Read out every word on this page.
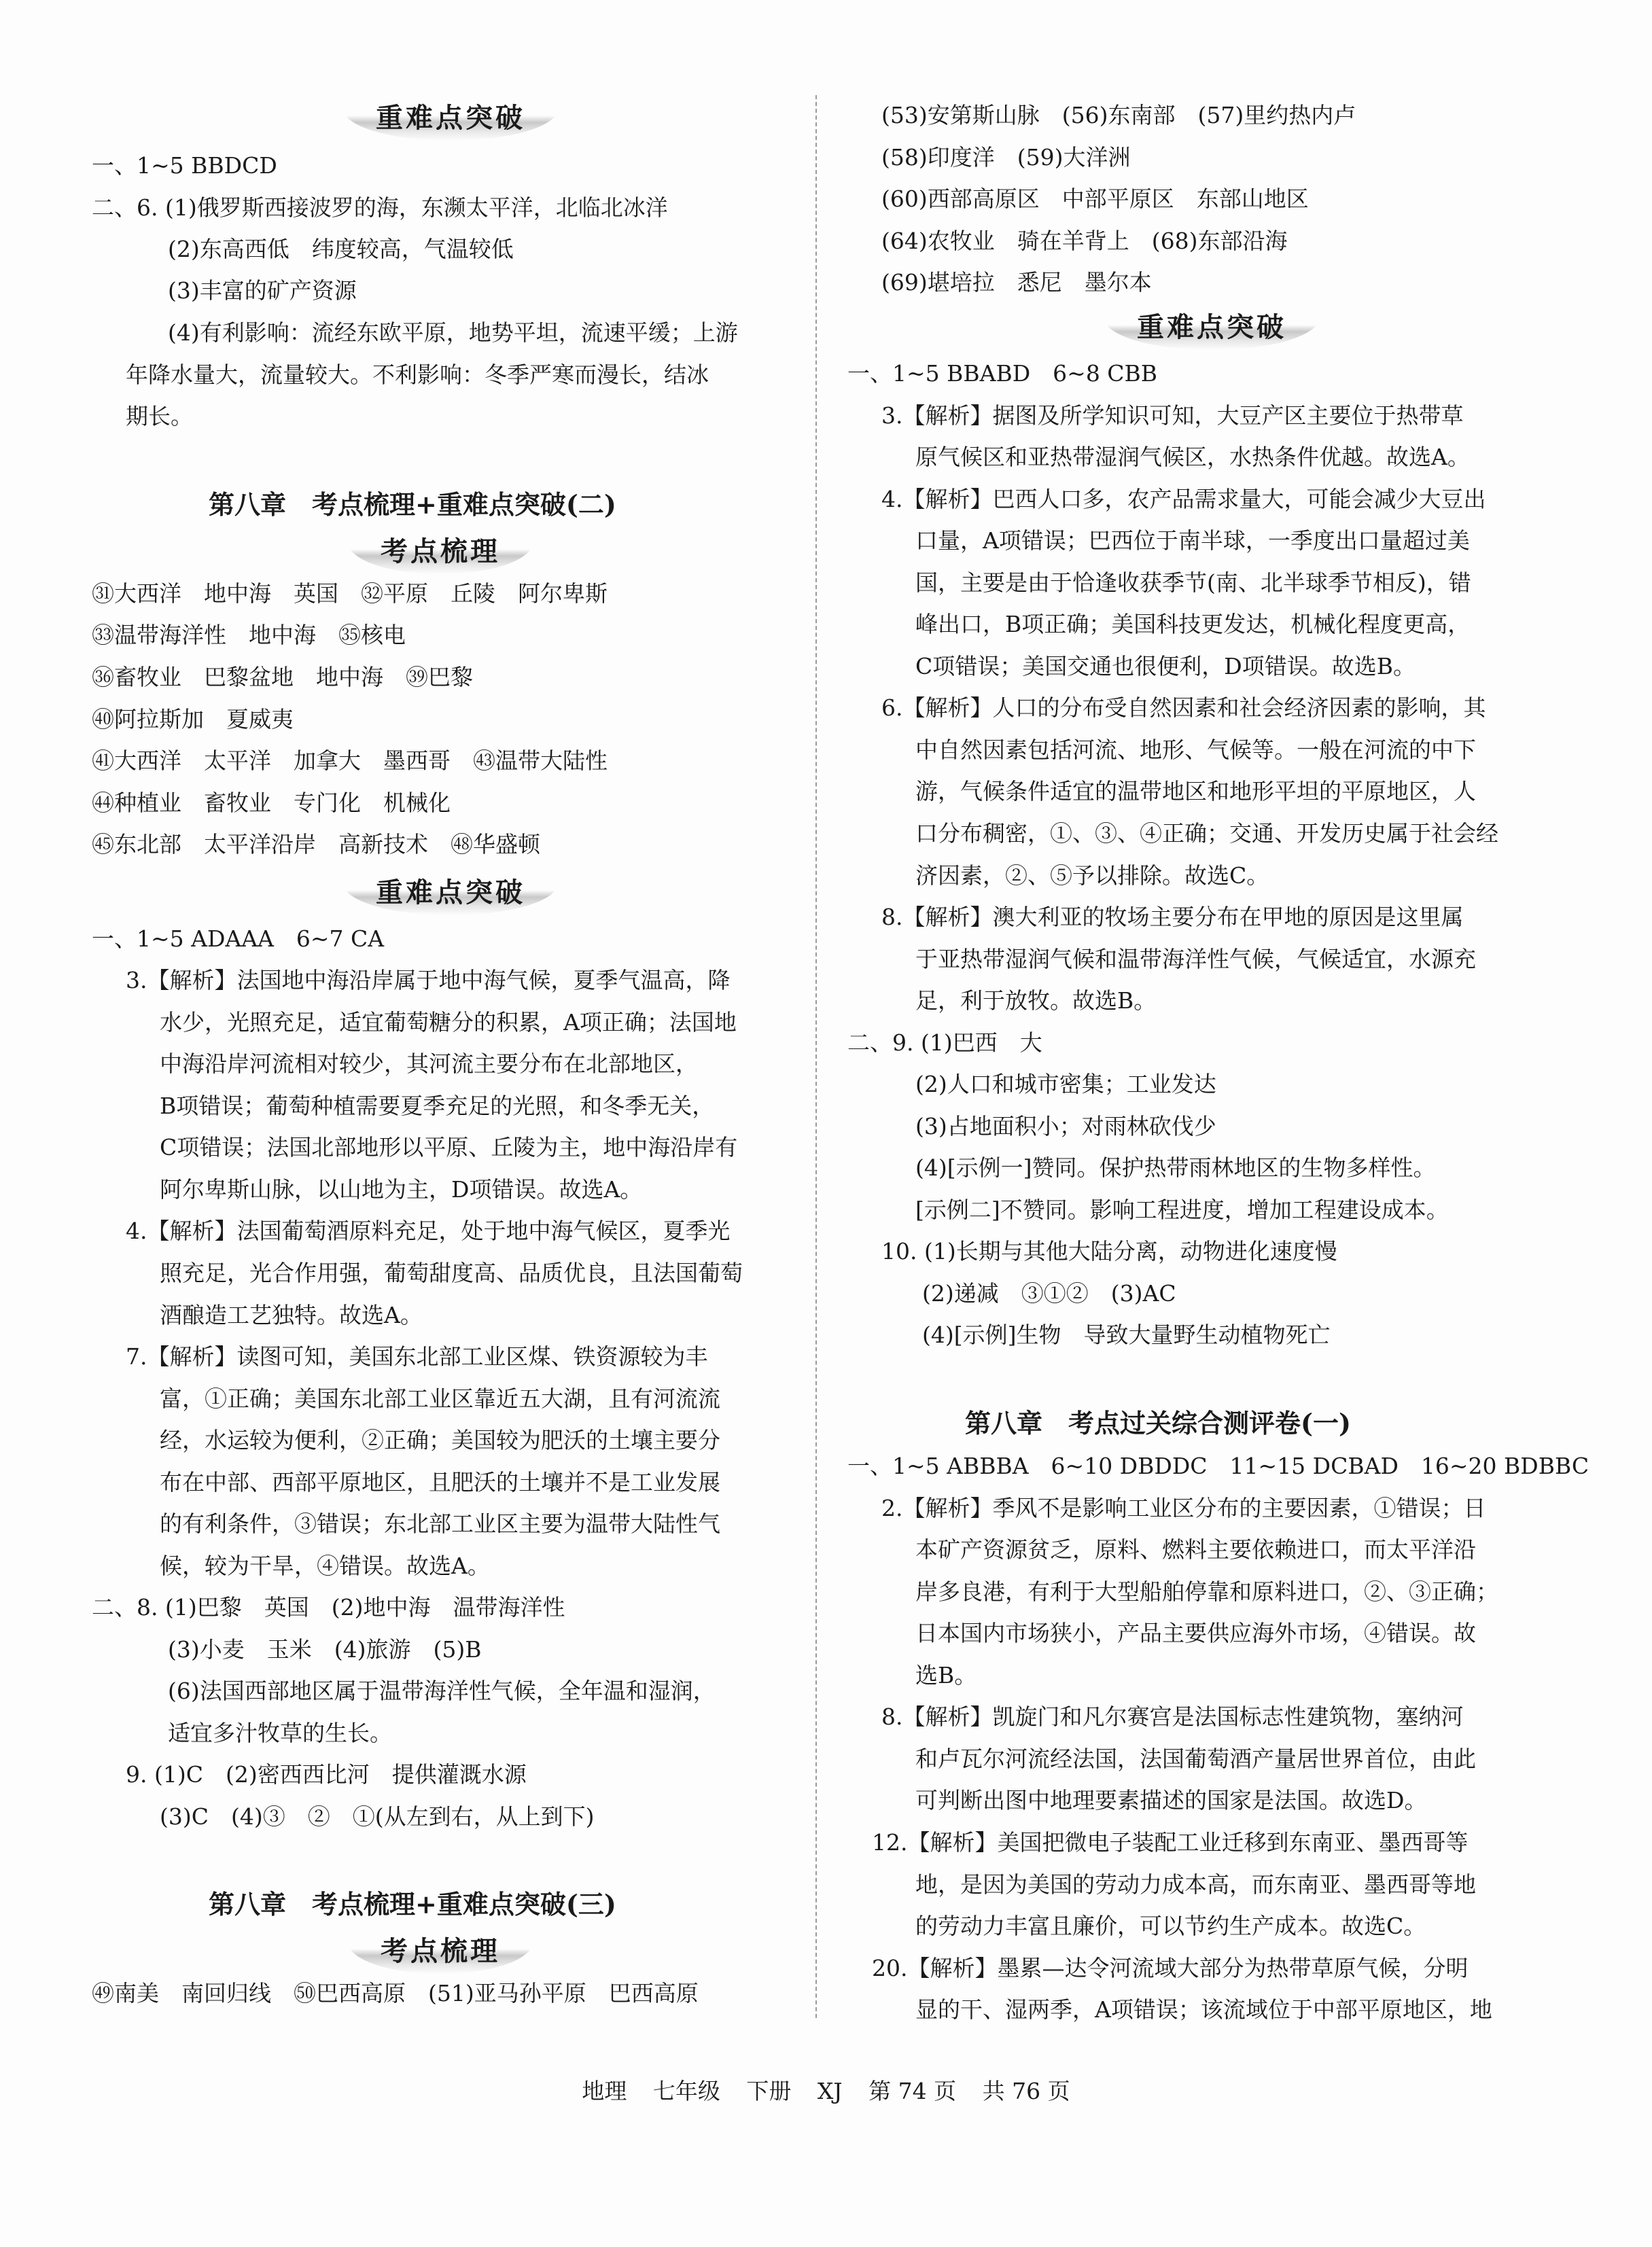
重难点突破
一、1~5 BBDCD
二、6. (1)俄罗斯西接波罗的海，东濒太平洋，北临北冰洋
(2)东高西低　纬度较高，气温较低
(3)丰富的矿产资源
(4)有利影响：流经东欧平原，地势平坦，流速平缓；上游
年降水量大，流量较大。不利影响：冬季严寒而漫长，结冰
期长。
第八章　考点梳理+重难点突破(二)
考点梳理
㉛大西洋　地中海　英国　㉜平原　丘陵　阿尔卑斯
㉝温带海洋性　地中海　㉟核电
㊱畜牧业　巴黎盆地　地中海　㊴巴黎
㊵阿拉斯加　夏威夷
㊶大西洋　太平洋　加拿大　墨西哥　㊸温带大陆性
㊹种植业　畜牧业　专门化　机械化
㊺东北部　太平洋沿岸　高新技术　㊽华盛顿
重难点突破
一、1~5 ADAAA　6~7 CA
3.【解析】法国地中海沿岸属于地中海气候，夏季气温高，降
水少，光照充足，适宜葡萄糖分的积累，A项正确；法国地
中海沿岸河流相对较少，其河流主要分布在北部地区，
B项错误；葡萄种植需要夏季充足的光照，和冬季无关，
C项错误；法国北部地形以平原、丘陵为主，地中海沿岸有
阿尔卑斯山脉，以山地为主，D项错误。故选A。
4.【解析】法国葡萄酒原料充足，处于地中海气候区，夏季光
照充足，光合作用强，葡萄甜度高、品质优良，且法国葡萄
酒酿造工艺独特。故选A。
7.【解析】读图可知，美国东北部工业区煤、铁资源较为丰
富，①正确；美国东北部工业区靠近五大湖，且有河流流
经，水运较为便利，②正确；美国较为肥沃的土壤主要分
布在中部、西部平原地区，且肥沃的土壤并不是工业发展
的有利条件，③错误；东北部工业区主要为温带大陆性气
候，较为干旱，④错误。故选A。
二、8. (1)巴黎　英国　(2)地中海　温带海洋性
(3)小麦　玉米　(4)旅游　(5)B
(6)法国西部地区属于温带海洋性气候，全年温和湿润，
适宜多汁牧草的生长。
9. (1)C　(2)密西西比河　提供灌溉水源
(3)C　(4)③　②　①(从左到右，从上到下)
第八章　考点梳理+重难点突破(三)
考点梳理
㊾南美　南回归线　㊿巴西高原　(51)亚马孙平原　巴西高原
(53)安第斯山脉　(56)东南部　(57)里约热内卢
(58)印度洋　(59)大洋洲
(60)西部高原区　中部平原区　东部山地区
(64)农牧业　骑在羊背上　(68)东部沿海
(69)堪培拉　悉尼　墨尔本
重难点突破
一、1~5 BBABD　6~8 CBB
3.【解析】据图及所学知识可知，大豆产区主要位于热带草
原气候区和亚热带湿润气候区，水热条件优越。故选A。
4.【解析】巴西人口多，农产品需求量大，可能会减少大豆出
口量，A项错误；巴西位于南半球，一季度出口量超过美
国，主要是由于恰逢收获季节(南、北半球季节相反)，错
峰出口，B项正确；美国科技更发达，机械化程度更高，
C项错误；美国交通也很便利，D项错误。故选B。
6.【解析】人口的分布受自然因素和社会经济因素的影响，其
中自然因素包括河流、地形、气候等。一般在河流的中下
游，气候条件适宜的温带地区和地形平坦的平原地区，人
口分布稠密，①、③、④正确；交通、开发历史属于社会经
济因素，②、⑤予以排除。故选C。
8.【解析】澳大利亚的牧场主要分布在甲地的原因是这里属
于亚热带湿润气候和温带海洋性气候，气候适宜，水源充
足，利于放牧。故选B。
二、9. (1)巴西　大
(2)人口和城市密集；工业发达
(3)占地面积小；对雨林砍伐少
(4)[示例一]赞同。保护热带雨林地区的生物多样性。
[示例二]不赞同。影响工程进度，增加工程建设成本。
10. (1)长期与其他大陆分离，动物进化速度慢
(2)递减　③①②　(3)AC
(4)[示例]生物　导致大量野生动植物死亡
第八章　考点过关综合测评卷(一)
一、1~5 ABBBA　6~10 DBDDC　11~15 DCBAD　16~20 BDBBC
2.【解析】季风不是影响工业区分布的主要因素，①错误；日
本矿产资源贫乏，原料、燃料主要依赖进口，而太平洋沿
岸多良港，有利于大型船舶停靠和原料进口，②、③正确；
日本国内市场狭小，产品主要供应海外市场，④错误。故
选B。
8.【解析】凯旋门和凡尔赛宫是法国标志性建筑物，塞纳河
和卢瓦尔河流经法国，法国葡萄酒产量居世界首位，由此
可判断出图中地理要素描述的国家是法国。故选D。
12.【解析】美国把微电子装配工业迁移到东南亚、墨西哥等
地，是因为美国的劳动力成本高，而东南亚、墨西哥等地
的劳动力丰富且廉价，可以节约生产成本。故选C。
20.【解析】墨累—达令河流域大部分为热带草原气候，分明
显的干、湿两季，A项错误；该流域位于中部平原地区，地
地理 七年级 下册 XJ 第 74 页 共 76 页
